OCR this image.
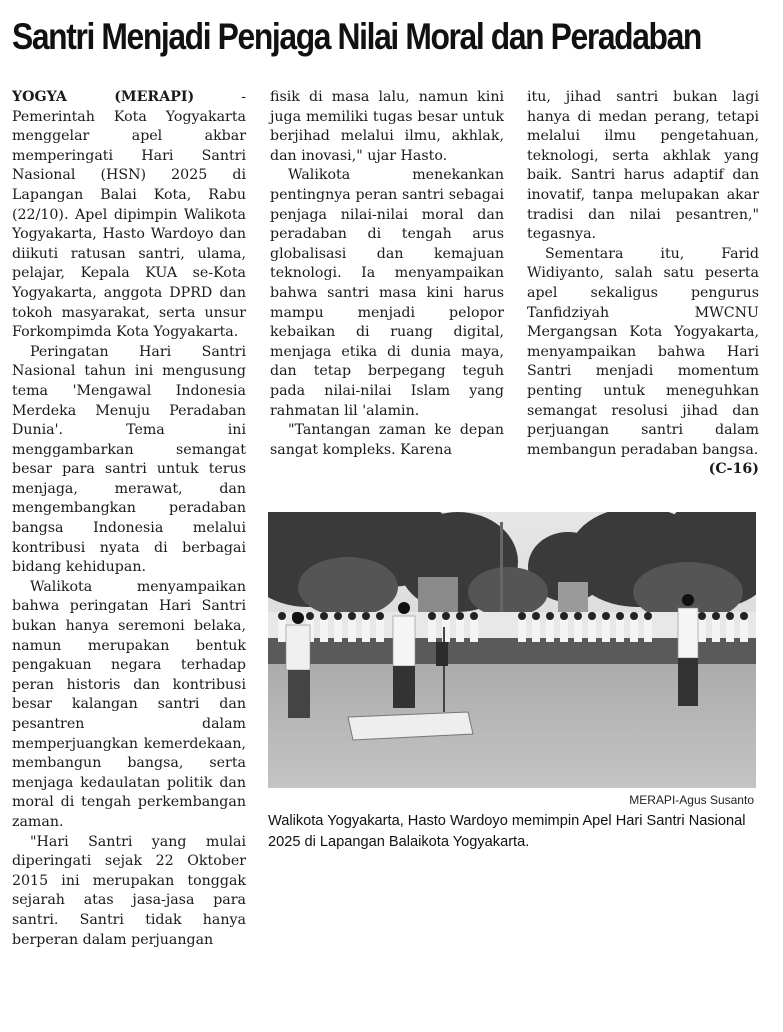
Santri Menjadi Penjaga Nilai Moral dan Peradaban

YOGYA (MERAPI)	- Pemerintah Kota Yogyakarta menggelar apel akbar memperingati Hari Santri Nasional (HSN) 2025 di Lapangan Balai Kota, Rabu (22/10). Apel dipimpin Walikota Yogyakarta, Hasto Wardoyo dan diikuti ratusan santri, ulama, pelajar, Kepala KUA se-Kota Yogyakarta, anggota DPRD dan tokoh masyarakat, serta unsur Forkompimda Kota Yogyakarta.

Peringatan Hari Santri Nasional tahun ini mengusung tema 'Mengawal Indonesia Merdeka Menuju Peradaban Dunia'. Tema ini menggambarkan semangat besar para santri untuk terus menjaga, merawat, dan mengembangkan peradaban bangsa Indonesia melalui kontribusi nyata di berbagai bidang kehidupan.

Walikota menyampaikan bahwa peringatan Hari Santri bukan hanya seremoni belaka, namun merupakan bentuk pengakuan negara terhadap peran historis dan kontribusi besar kalangan santri dan pesantren dalam memperjuangkan kemerdekaan, membangun bangsa, serta menjaga kedaulatan politik dan moral di tengah perkembangan zaman.

"Hari Santri yang mulai diperingati sejak 22 Oktober 2015 ini merupakan tonggak sejarah atas jasa-jasa para santri. Santri tidak hanya berperan dalam perjuangan

fisik di masa lalu, namun kini juga memiliki tugas besar untuk berjihad melalui ilmu, akhlak, dan inovasi," ujar Hasto.

Walikota menekankan pentingnya peran santri sebagai penjaga nilai-nilai moral dan peradaban di tengah arus globalisasi dan kemajuan teknologi. Ia menyampaikan bahwa santri masa kini harus mampu menjadi pelopor kebaikan di ruang digital, menjaga etika di dunia maya, dan tetap berpegang teguh pada nilai-nilai Islam yang rahmatan lil 'alamin.

"Tantangan zaman ke depan sangat kompleks. Karena

itu, jihad santri bukan lagi hanya di medan perang, tetapi melalui ilmu pengetahuan, teknologi, serta akhlak yang baik. Santri harus adaptif dan inovatif, tanpa melupakan akar tradisi dan nilai pesantren," tegasnya.

Sementara itu, Farid Widiyanto, salah satu peserta apel sekaligus pengurus Tanfidziyah MWCNU Mergangsan Kota Yogyakarta, menyampaikan bahwa Hari Santri menjadi momentum penting untuk meneguhkan semangat resolusi jihad dan perjuangan santri dalam membangun peradaban bangsa.
(C-16)

MERAPI-Agus Susanto
Walikota Yogyakarta, Hasto Wardoyo memimpin Apel Hari Santri Nasional 2025 di Lapangan Balaikota Yogyakarta.
